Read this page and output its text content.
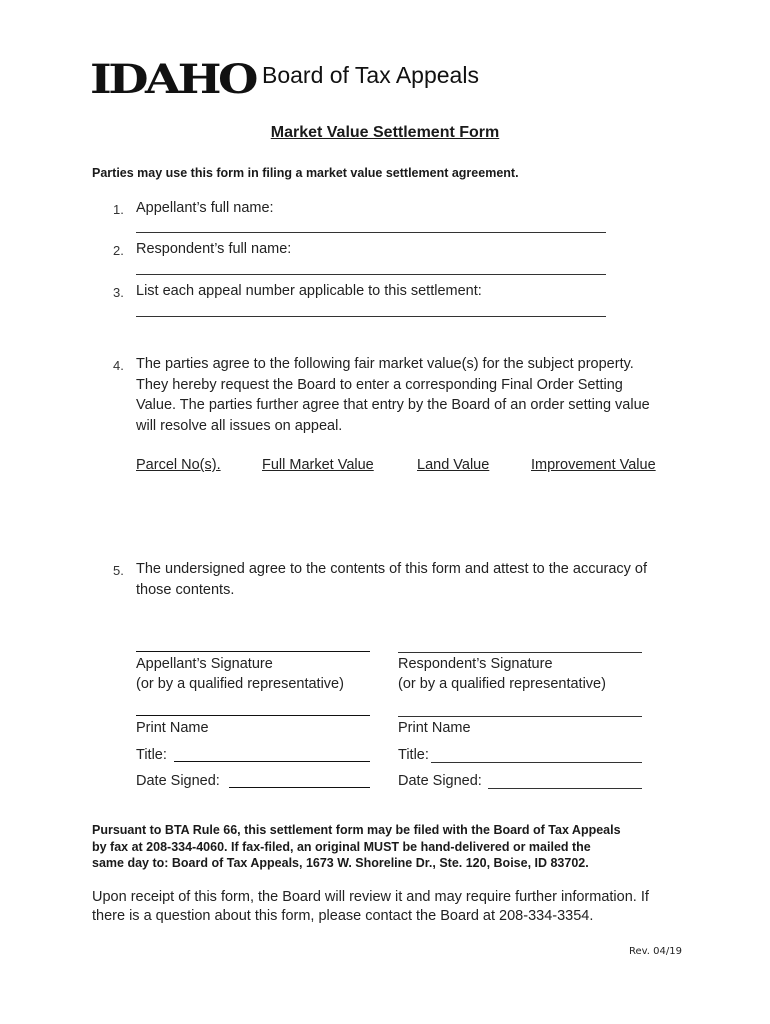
IDAHO Board of Tax Appeals
Market Value Settlement Form
Parties may use this form in filing a market value settlement agreement.
1. Appellant’s full name:
2. Respondent’s full name:
3. List each appeal number applicable to this settlement:
4. The parties agree to the following fair market value(s) for the subject property.
They hereby request the Board to enter a corresponding Final Order Setting
Value. The parties further agree that entry by the Board of an order setting value
will resolve all issues on appeal.
Parcel No(s).	Full Market Value	Land Value	Improvement Value
5. The undersigned agree to the contents of this form and attest to the accuracy of
those contents.
Appellant’s Signature
(or by a qualified representative)
Print Name
Title:
Date Signed:
Respondent’s Signature
(or by a qualified representative)
Print Name
Title:
Date Signed:
Pursuant to BTA Rule 66, this settlement form may be filed with the Board of Tax Appeals
by fax at 208-334-4060. If fax-filed, an original MUST be hand-delivered or mailed the
same day to: Board of Tax Appeals, 1673 W. Shoreline Dr., Ste. 120, Boise, ID 83702.
Upon receipt of this form, the Board will review it and may require further information. If
there is a question about this form, please contact the Board at 208-334-3354.
Rev. 04/19
